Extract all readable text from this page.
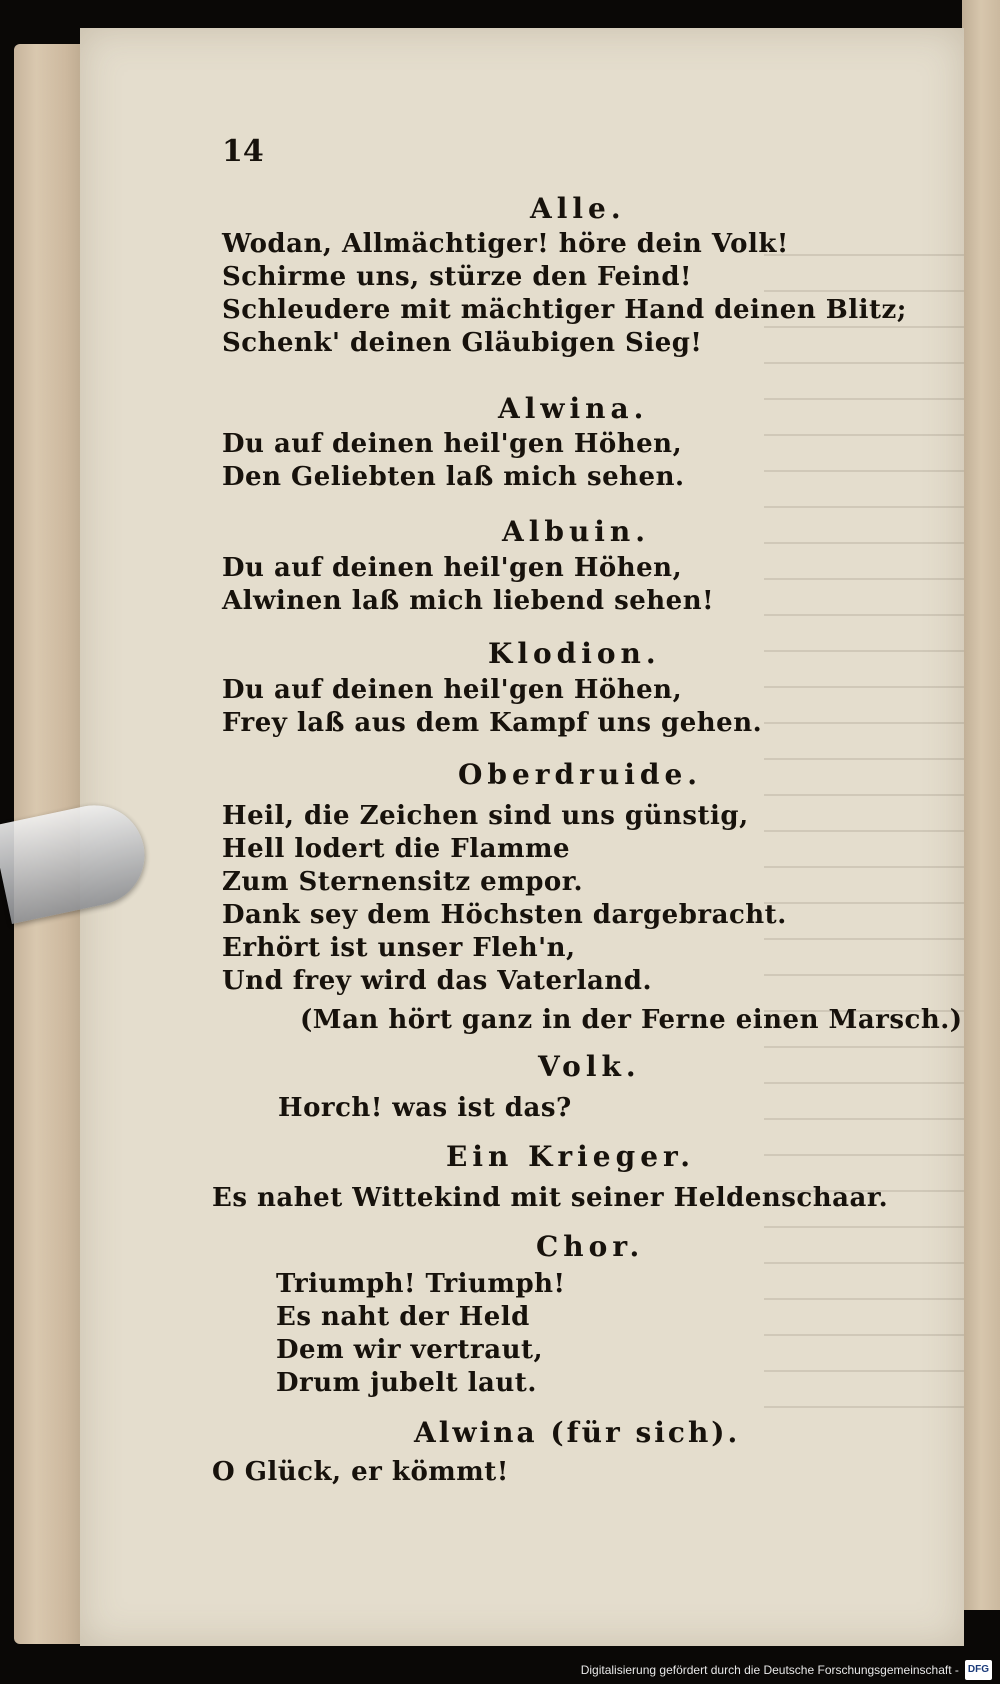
14
Alle.
Wodan, Allmächtiger! höre dein Volk!
Schirme uns, stürze den Feind!
Schleudere mit mächtiger Hand deinen Blitz;
Schenk' deinen Gläubigen Sieg!
Alwina.
Du auf deinen heil'gen Höhen,
Den Geliebten laß mich sehen.
Albuin.
Du auf deinen heil'gen Höhen,
Alwinen laß mich liebend sehen!
Klodion.
Du auf deinen heil'gen Höhen,
Frey laß aus dem Kampf uns gehen.
Oberdruide.
Heil, die Zeichen sind uns günstig,
Hell lodert die Flamme
Zum Sternensitz empor.
Dank sey dem Höchsten dargebracht.
Erhört ist unser Fleh'n,
Und frey wird das Vaterland.
(Man hört ganz in der Ferne einen Marsch.)
Volk.
Horch! was ist das?
Ein Krieger.
Es nahet Wittekind mit seiner Heldenschaar.
Chor.
Triumph! Triumph!
Es naht der Held
Dem wir vertraut,
Drum jubelt laut.
Alwina (für sich).
O Glück, er kömmt!
Digitalisierung gefördert durch die Deutsche Forschungsgemeinschaft - DFG
